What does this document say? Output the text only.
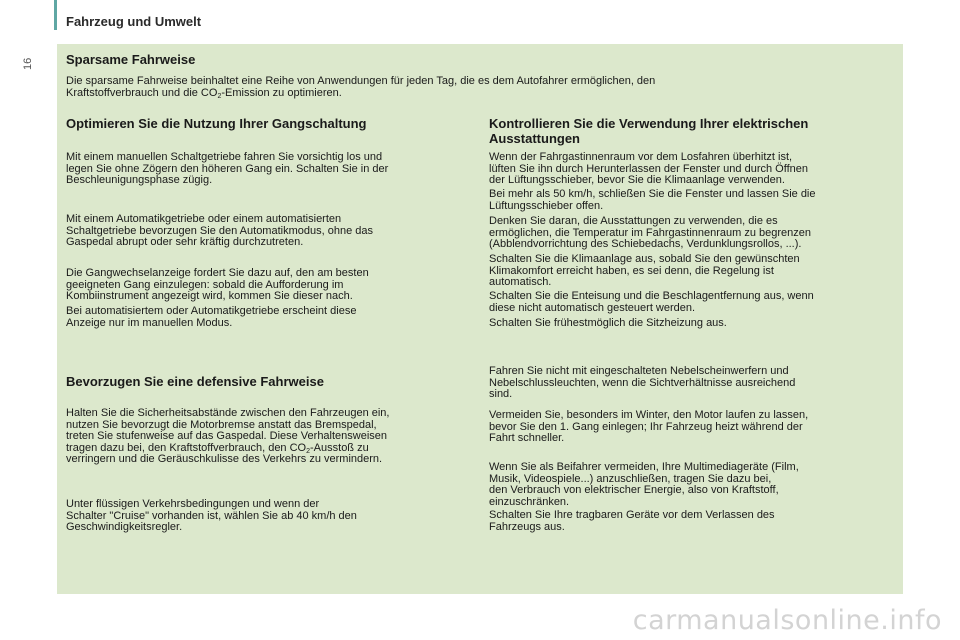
Fahrzeug und Umwelt
16 Sparsame Fahrweise
Die sparsame Fahrweise beinhaltet eine Reihe von Anwendungen für jeden Tag, die es dem Autofahrer ermöglichen, den
Kraftstoffverbrauch und die $CO_2$-Emission zu optimieren.
Optimieren Sie die Nutzung Ihrer Gangschaltung
Mit einem manuellen Schaltgetriebe fahren Sie vorsichtig los und
legen Sie ohne Zögern den höheren Gang ein. Schalten Sie in der
Beschleunigungsphase zügig.
Mit einem Automatikgetriebe oder einem automatisierten
Schaltgetriebe bevorzugen Sie den Automatikmodus, ohne das
Gaspedal abrupt oder sehr kräftig durchzutreten.
Die Gangwechselanzeige fordert Sie dazu auf, den am besten
geeigneten Gang einzulegen: sobald die Aufforderung im
Kombiinstrument angezeigt wird, kommen Sie dieser nach.
Bei automatisiertem oder Automatikgetriebe erscheint diese
Anzeige nur im manuellen Modus.
Bevorzugen Sie eine defensive Fahrweise
Halten Sie die Sicherheitsabstände zwischen den Fahrzeugen ein,
nutzen Sie bevorzugt die Motorbremse anstatt das Bremspedal,
treten Sie stufenweise auf das Gaspedal. Diese Verhaltensweisen
tragen dazu bei, den Kraftstoffverbrauch, den $CO_2$-Ausstoß zu
verringern und die Geräuschkulisse des Verkehrs zu vermindern.
Unter flüssigen Verkehrsbedingungen und wenn der
Schalter "Cruise" vorhanden ist, wählen Sie ab 40 km/h den
Geschwindigkeitsregler.
Kontrollieren Sie die Verwendung Ihrer elektrischen
Ausstattungen
Wenn der Fahrgastinnenraum vor dem Losfahren überhitzt ist,
lüften Sie ihn durch Herunterlassen der Fenster und durch Öffnen
der Lüftungsschieber, bevor Sie die Klimaanlage verwenden.
Bei mehr als 50 km/h, schließen Sie die Fenster und lassen Sie die
Lüftungsschieber offen.
Denken Sie daran, die Ausstattungen zu verwenden, die es
ermöglichen, die Temperatur im Fahrgastinnenraum zu begrenzen
(Abblendvorrichtung des Schiebedachs, Verdunklungsrollos, ...).
Schalten Sie die Klimaanlage aus, sobald Sie den gewünschten
Klimakomfort erreicht haben, es sei denn, die Regelung ist
automatisch.
Schalten Sie die Enteisung und die Beschlagentfernung aus, wenn
diese nicht automatisch gesteuert werden.
Schalten Sie frühestmöglich die Sitzheizung aus.
Fahren Sie nicht mit eingeschalteten Nebelscheinwerfern und
Nebelschlussleuchten, wenn die Sichtverhältnisse ausreichend
sind.
Vermeiden Sie, besonders im Winter, den Motor laufen zu lassen,
bevor Sie den 1. Gang einlegen; Ihr Fahrzeug heizt während der
Fahrt schneller.
Wenn Sie als Beifahrer vermeiden, Ihre Multimediageräte (Film,
Musik, Videospiele...) anzuschließen, tragen Sie dazu bei,
den Verbrauch von elektrischer Energie, also von Kraftstoff,
einzuschränken.
Schalten Sie Ihre tragbaren Geräte vor dem Verlassen des
Fahrzeugs aus.
carmanualsonline.info
